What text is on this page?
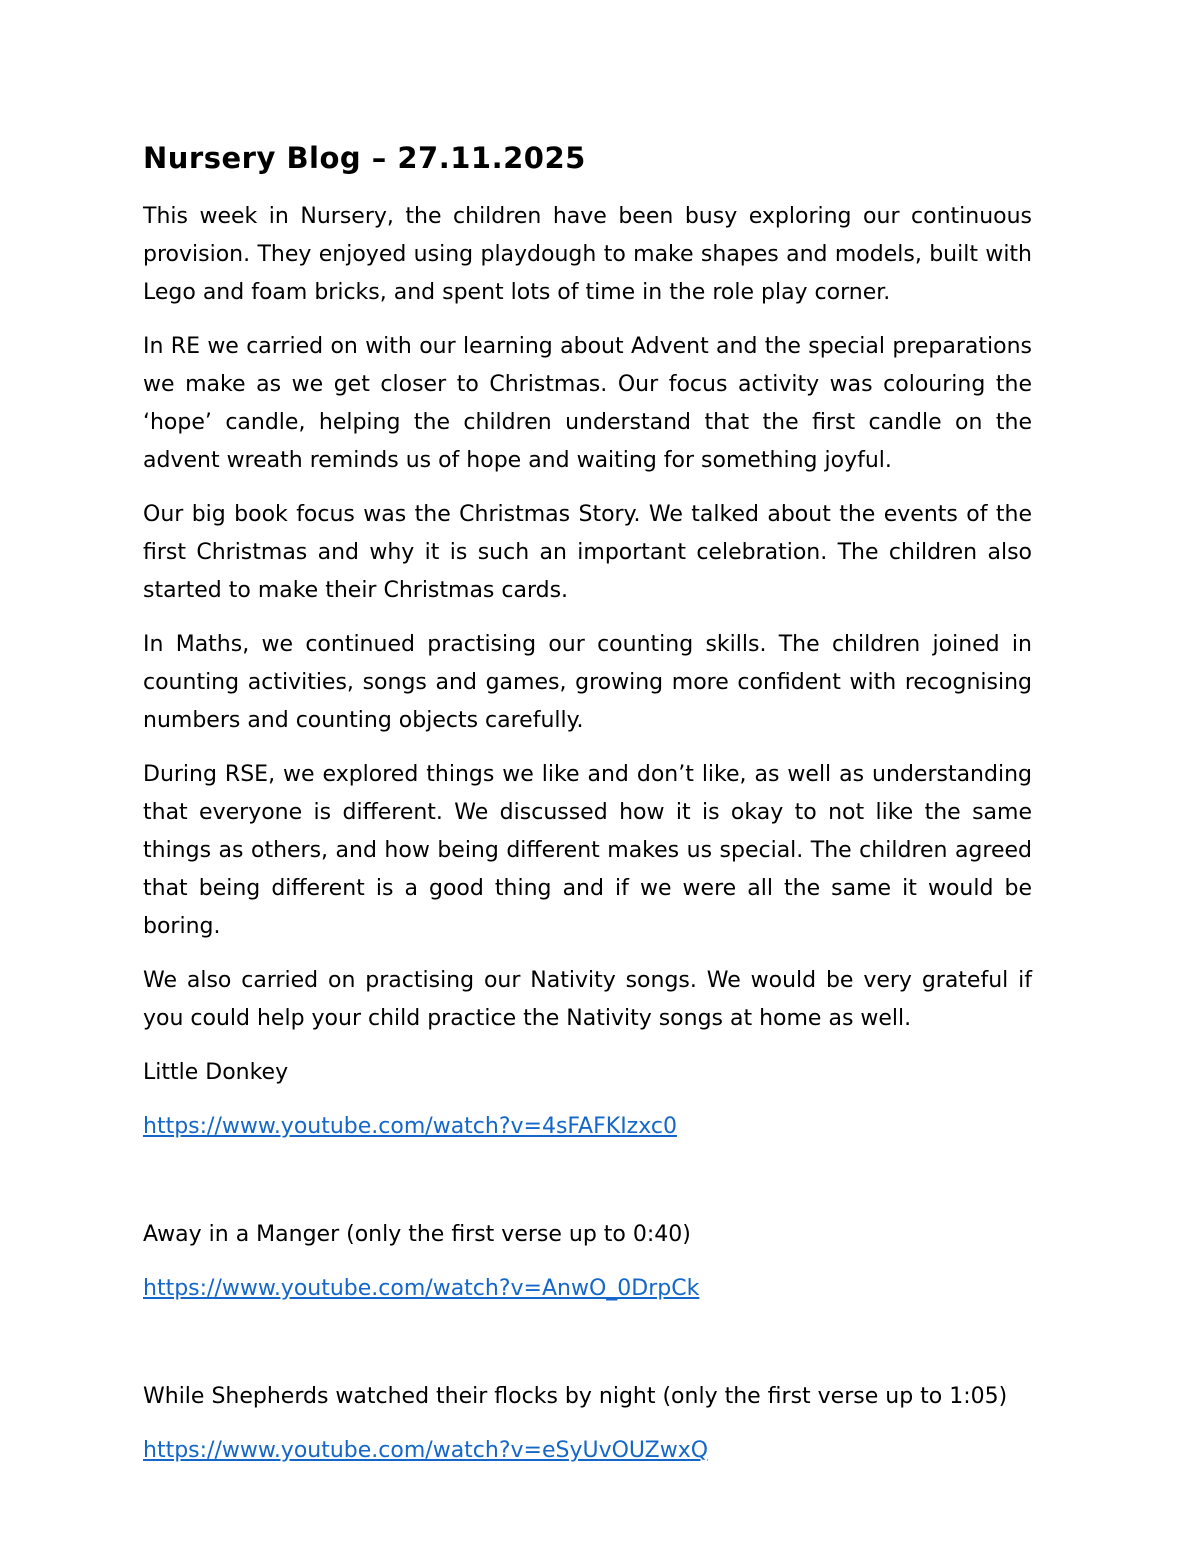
Nursery Blog – 27.11.2025

This week in Nursery, the children have been busy exploring our continuous provision. They enjoyed using playdough to make shapes and models, built with Lego and foam bricks, and spent lots of time in the role play corner.

In RE we carried on with our learning about Advent and the special preparations we make as we get closer to Christmas. Our focus activity was colouring the ‘hope’ candle, helping the children understand that the first candle on the advent wreath reminds us of hope and waiting for something joyful.

Our big book focus was the Christmas Story. We talked about the events of the first Christmas and why it is such an important celebration. The children also started to make their Christmas cards.

In Maths, we continued practising our counting skills. The children joined in counting activities, songs and games, growing more confident with recognising numbers and counting objects carefully.

During RSE, we explored things we like and don’t like, as well as understanding that everyone is different. We discussed how it is okay to not like the same things as others, and how being different makes us special. The children agreed that being different is a good thing and if we were all the same it would be boring.

We also carried on practising our Nativity songs. We would be very grateful if you could help your child practice the Nativity songs at home as well.

Little Donkey

https://www.youtube.com/watch?v=4sFAFKIzxc0

Away in a Manger (only the first verse up to 0:40)

https://www.youtube.com/watch?v=AnwO_0DrpCk

While Shepherds watched their flocks by night (only the first verse up to 1:05)

https://www.youtube.com/watch?v=eSyUvOUZwxQ
